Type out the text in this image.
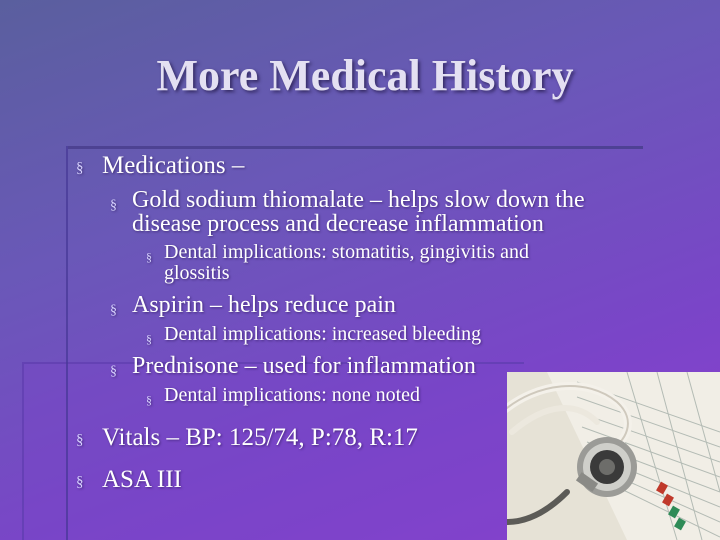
More Medical History
§ Medications –
§ Gold sodium thiomalate – helps slow down the
disease process and decrease inflammation
§ Dental implications: stomatitis, gingivitis and
glossitis
§ Aspirin – helps reduce pain
§ Dental implications: increased bleeding
§ Prednisone – used for inflammation
§ Dental implications: none noted
§ Vitals – BP: 125/74, P:78, R:17
§ ASA III
